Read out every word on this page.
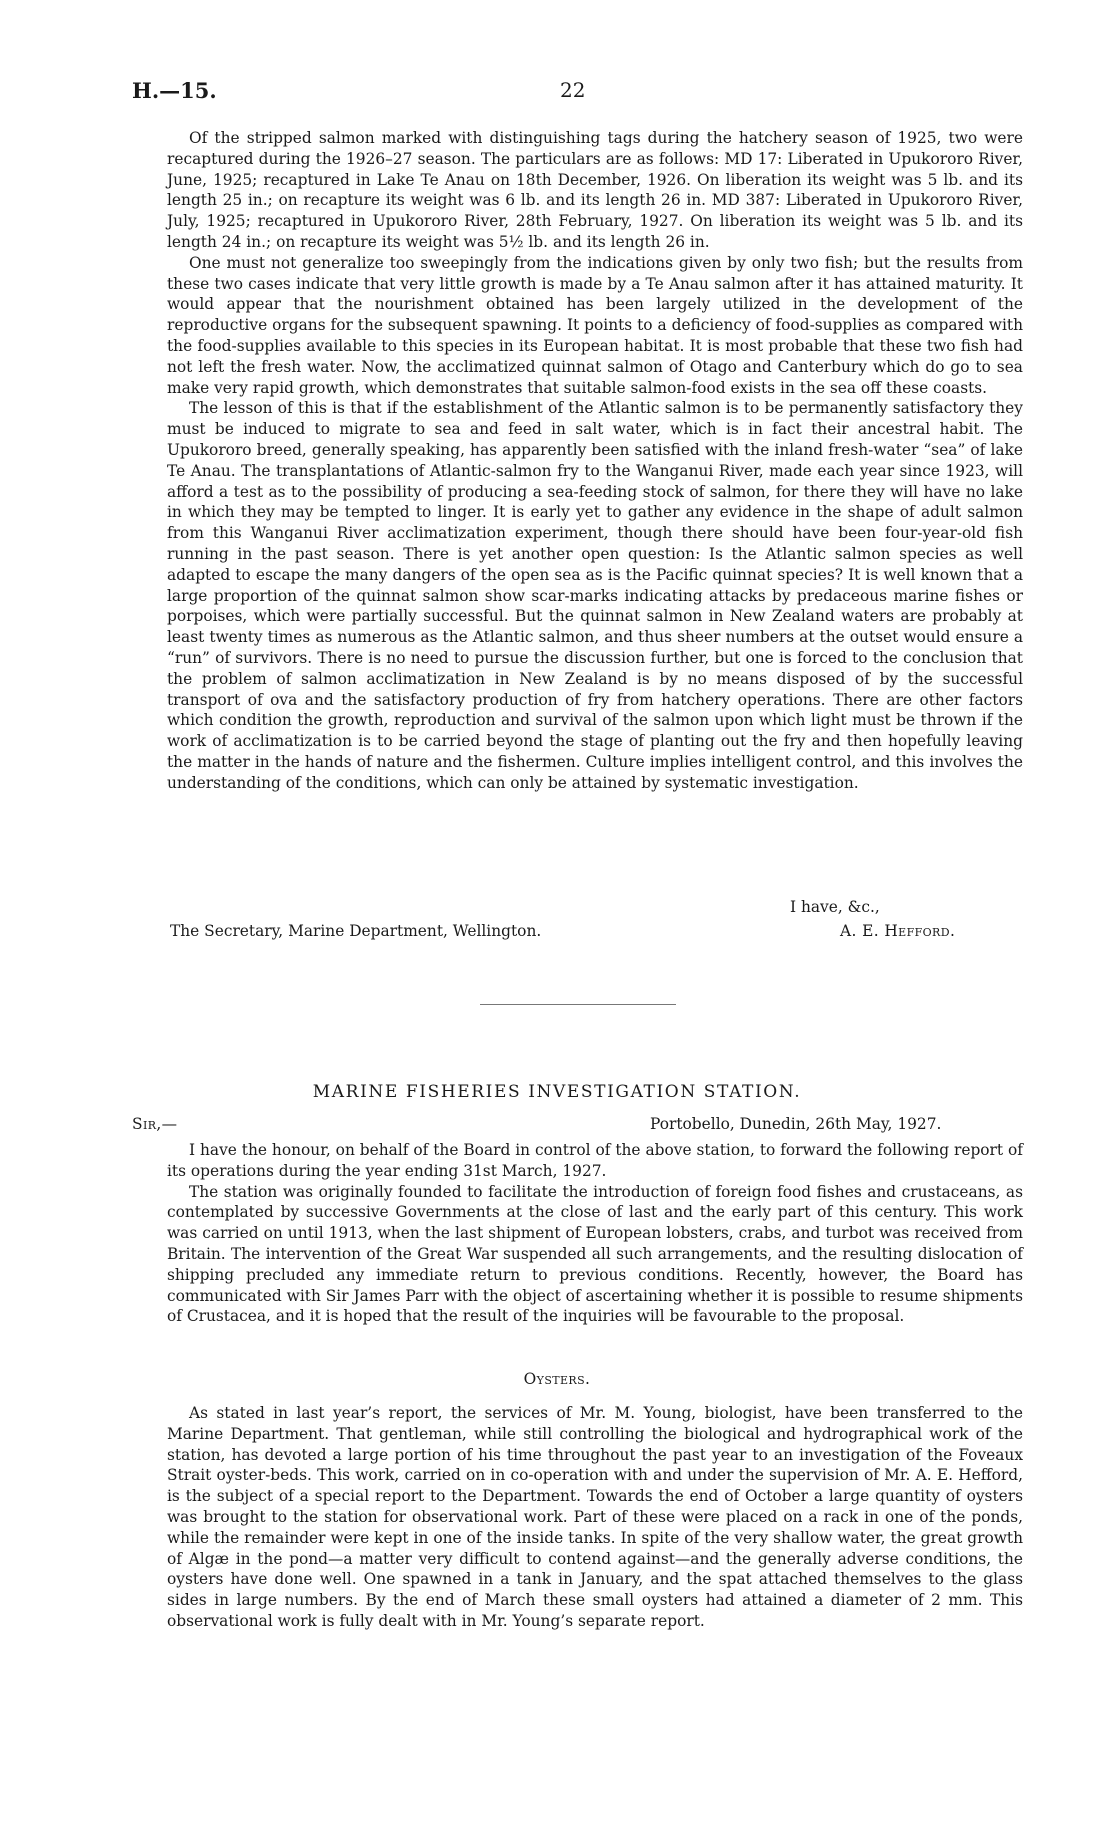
H.—15.	22

Of the stripped salmon marked with distinguishing tags during the hatchery season of 1925, two were recaptured during the 1926–27 season. The particulars are as follows: MD 17: Liberated in Upukororo River, June, 1925; recaptured in Lake Te Anau on 18th December, 1926. On liberation its weight was 5 lb. and its length 25 in.; on recapture its weight was 6 lb. and its length 26 in. MD 387: Liberated in Upukororo River, July, 1925; recaptured in Upukororo River, 28th February, 1927. On liberation its weight was 5 lb. and its length 24 in.; on recapture its weight was 5½ lb. and its length 26 in.

One must not generalize too sweepingly from the indications given by only two fish; but the results from these two cases indicate that very little growth is made by a Te Anau salmon after it has attained maturity. It would appear that the nourishment obtained has been largely utilized in the development of the reproductive organs for the subsequent spawning. It points to a deficiency of food-supplies as compared with the food-supplies available to this species in its European habitat. It is most probable that these two fish had not left the fresh water. Now, the acclimatized quinnat salmon of Otago and Canterbury which do go to sea make very rapid growth, which demonstrates that suitable salmon-food exists in the sea off these coasts.

The lesson of this is that if the establishment of the Atlantic salmon is to be permanently satisfactory they must be induced to migrate to sea and feed in salt water, which is in fact their ancestral habit. The Upukororo breed, generally speaking, has apparently been satisfied with the inland fresh-water “sea” of lake Te Anau. The transplantations of Atlantic-salmon fry to the Wanganui River, made each year since 1923, will afford a test as to the possibility of producing a sea-feeding stock of salmon, for there they will have no lake in which they may be tempted to linger. It is early yet to gather any evidence in the shape of adult salmon from this Wanganui River acclimatization experiment, though there should have been four-year-old fish running in the past season. There is yet another open question: Is the Atlantic salmon species as well adapted to escape the many dangers of the open sea as is the Pacific quinnat species? It is well known that a large proportion of the quinnat salmon show scar-marks indicating attacks by predaceous marine fishes or porpoises, which were partially successful. But the quinnat salmon in New Zealand waters are probably at least twenty times as numerous as the Atlantic salmon, and thus sheer numbers at the outset would ensure a “run” of survivors. There is no need to pursue the discussion further, but one is forced to the conclusion that the problem of salmon acclimatization in New Zealand is by no means disposed of by the successful transport of ova and the satisfactory production of fry from hatchery operations. There are other factors which condition the growth, reproduction and survival of the salmon upon which light must be thrown if the work of acclimatization is to be carried beyond the stage of planting out the fry and then hopefully leaving the matter in the hands of nature and the fishermen. Culture implies intelligent control, and this involves the understanding of the conditions, which can only be attained by systematic investigation.

I have, &c.,
The Secretary, Marine Department, Wellington.	A. E. Hefford.
MARINE FISHERIES INVESTIGATION STATION.
Sir,—	Portobello, Dunedin, 26th May, 1927.

I have the honour, on behalf of the Board in control of the above station, to forward the following report of its operations during the year ending 31st March, 1927.

The station was originally founded to facilitate the introduction of foreign food fishes and crustaceans, as contemplated by successive Governments at the close of last and the early part of this century. This work was carried on until 1913, when the last shipment of European lobsters, crabs, and turbot was received from Britain. The intervention of the Great War suspended all such arrangements, and the resulting dislocation of shipping precluded any immediate return to previous conditions. Recently, however, the Board has communicated with Sir James Parr with the object of ascertaining whether it is possible to resume shipments of Crustacea, and it is hoped that the result of the inquiries will be favourable to the proposal.

Oysters.

As stated in last year’s report, the services of Mr. M. Young, biologist, have been transferred to the Marine Department. That gentleman, while still controlling the biological and hydrographical work of the station, has devoted a large portion of his time throughout the past year to an investigation of the Foveaux Strait oyster-beds. This work, carried on in co-operation with and under the supervision of Mr. A. E. Hefford, is the subject of a special report to the Department. Towards the end of October a large quantity of oysters was brought to the station for observational work. Part of these were placed on a rack in one of the ponds, while the remainder were kept in one of the inside tanks. In spite of the very shallow water, the great growth of Algæ in the pond—a matter very difficult to contend against—and the generally adverse conditions, the oysters have done well. One spawned in a tank in January, and the spat attached themselves to the glass sides in large numbers. By the end of March these small oysters had attained a diameter of 2 mm. This observational work is fully dealt with in Mr. Young’s separate report.
